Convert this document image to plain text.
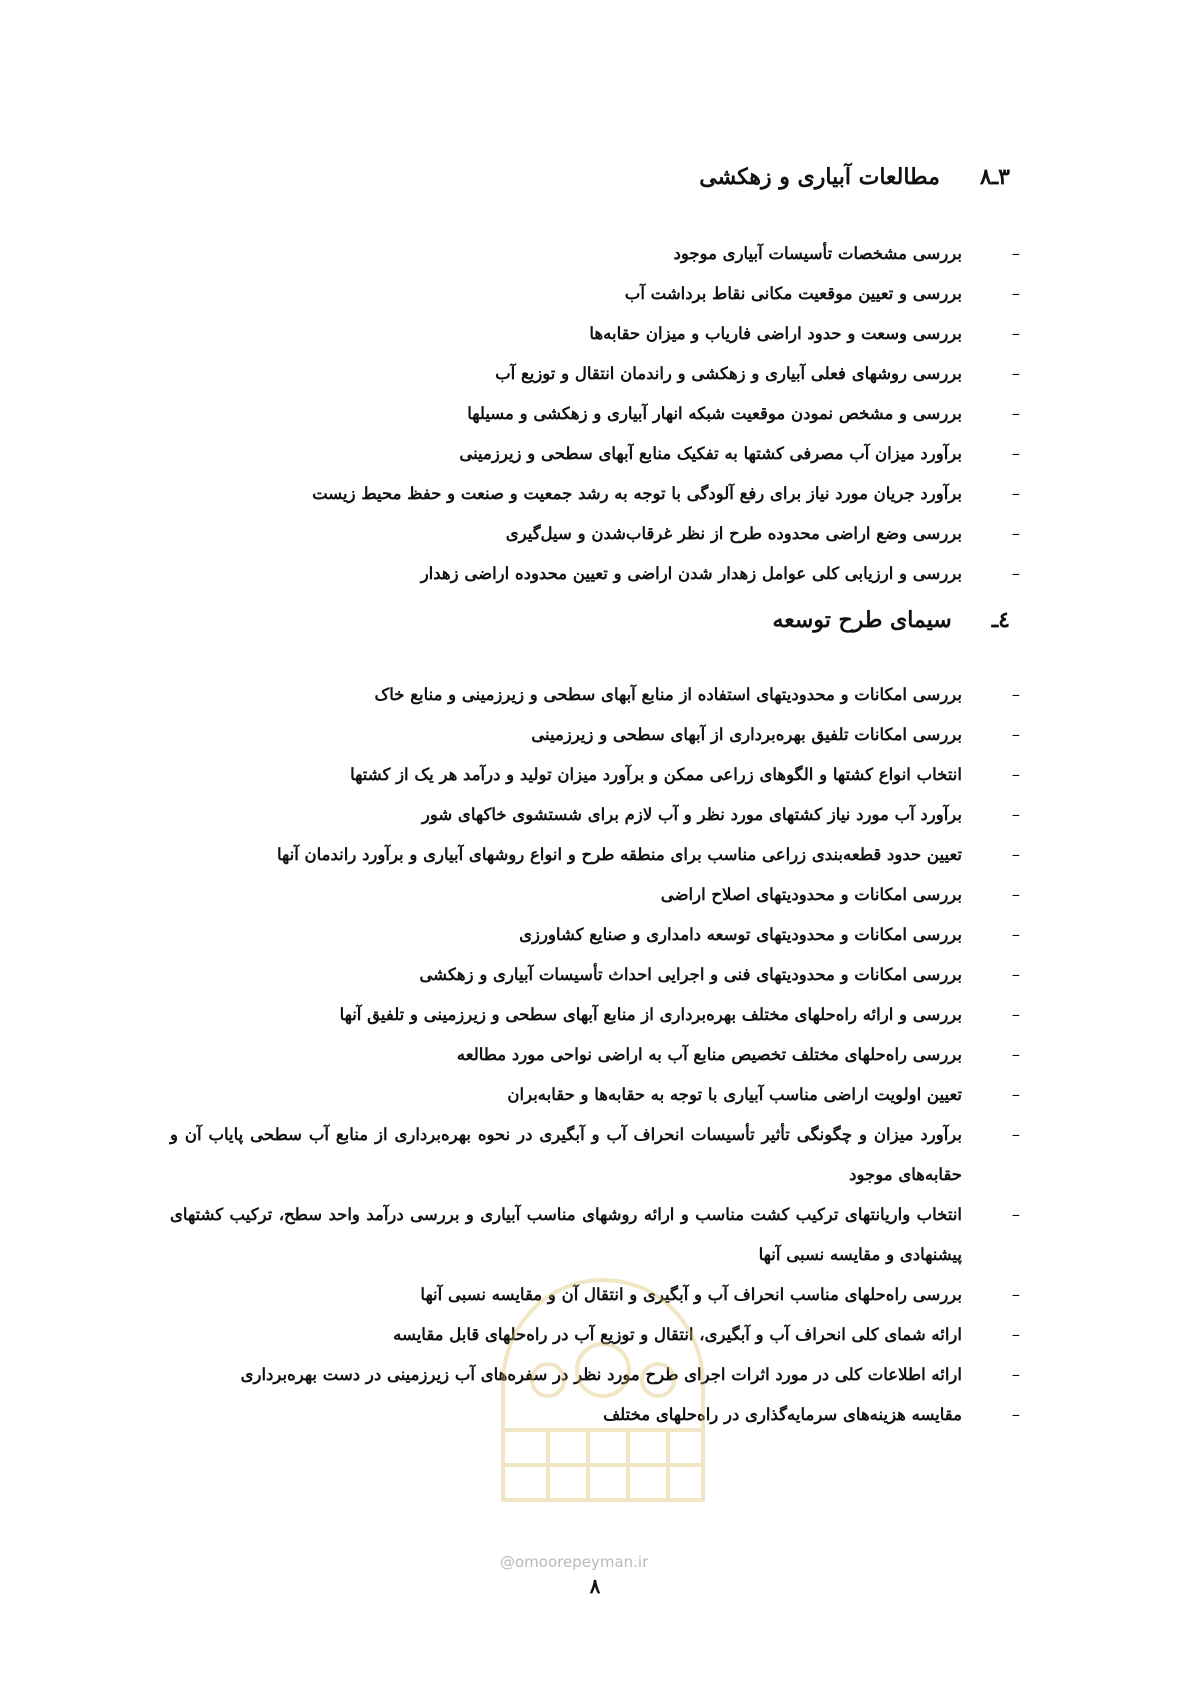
۳ـ۸
مطالعات آبیاری و زهکشی
–
بررسی مشخصات تأسیسات آبیاری موجود
–
بررسی و تعیین موقعیت مکانی نقاط برداشت آب
–
بررسی وسعت و حدود اراضی فاریاب و میزان حقابه‌ها
–
بررسی روشهای فعلی آبیاری و زهکشی و راندمان انتقال و توزیع آب
–
بررسی و مشخص نمودن موقعیت شبکه انهار آبیاری و زهکشی و مسیلها
–
برآورد میزان آب مصرفی کشتها به تفکیک منابع آبهای سطحی و زیرزمینی
–
برآورد جریان مورد نیاز برای رفع آلودگی با توجه به رشد جمعیت و صنعت و حفظ محیط زیست
–
بررسی وضع اراضی محدوده طرح از نظر غرقاب‌شدن و سیل‌گیری
–
بررسی و ارزیابی کلی عوامل زهدار شدن اراضی و تعیین محدوده اراضی زهدار
٤ـ
سیمای طرح توسعه
–
بررسی امکانات و محدودیتهای استفاده از منابع آبهای سطحی و زیرزمینی و منابع خاک
–
بررسی امکانات تلفیق بهره‌برداری از آبهای سطحی و زیرزمینی
–
انتخاب انواع کشتها و الگوهای زراعی ممکن و برآورد میزان تولید و درآمد هر یک از کشتها
–
برآورد آب مورد نیاز کشتهای مورد نظر و آب لازم برای شستشوی خاکهای شور
–
تعیین حدود قطعه‌بندی زراعی مناسب برای منطقه طرح و انواع روشهای آبیاری و برآورد راندمان آنها
–
بررسی امکانات و محدودیتهای اصلاح اراضی
–
بررسی امکانات و محدودیتهای توسعه دامداری و صنایع کشاورزی
–
بررسی امکانات و محدودیتهای فنی و اجرایی احداث تأسیسات آبیاری و زهکشی
–
بررسی و ارائه راه‌حلهای مختلف بهره‌برداری از منابع آبهای سطحی و زیرزمینی و تلفیق آنها
–
بررسی راه‌حلهای مختلف تخصیص منابع آب به اراضی نواحی مورد مطالعه
–
تعیین اولویت اراضی مناسب آبیاری با توجه به حقابه‌ها و حقابه‌بران
–
برآورد میزان و چگونگی تأثیر تأسیسات انحراف آب و آبگیری در نحوه بهره‌برداری از منابع آب سطحی پایاب آن و حقابه‌های موجود
–
انتخاب واریانتهای ترکیب کشت مناسب و ارائه روشهای مناسب آبیاری و بررسی درآمد واحد سطح، ترکیب کشتهای پیشنهادی و مقایسه نسبی آنها
–
بررسی راه‌حلهای مناسب انحراف آب و آبگیری و انتقال آن و مقایسه نسبی آنها
–
ارائه شمای کلی انحراف آب و آبگیری، انتقال و توزیع آب در راه‌حلهای قابل مقایسه
–
ارائه اطلاعات کلی در مورد اثرات اجرای طرح مورد نظر در سفره‌های آب زیرزمینی در دست بهره‌برداری
–
مقایسه هزینه‌های سرمایه‌گذاری در راه‌حلهای مختلف
@omoorepeyman.ir
۸
